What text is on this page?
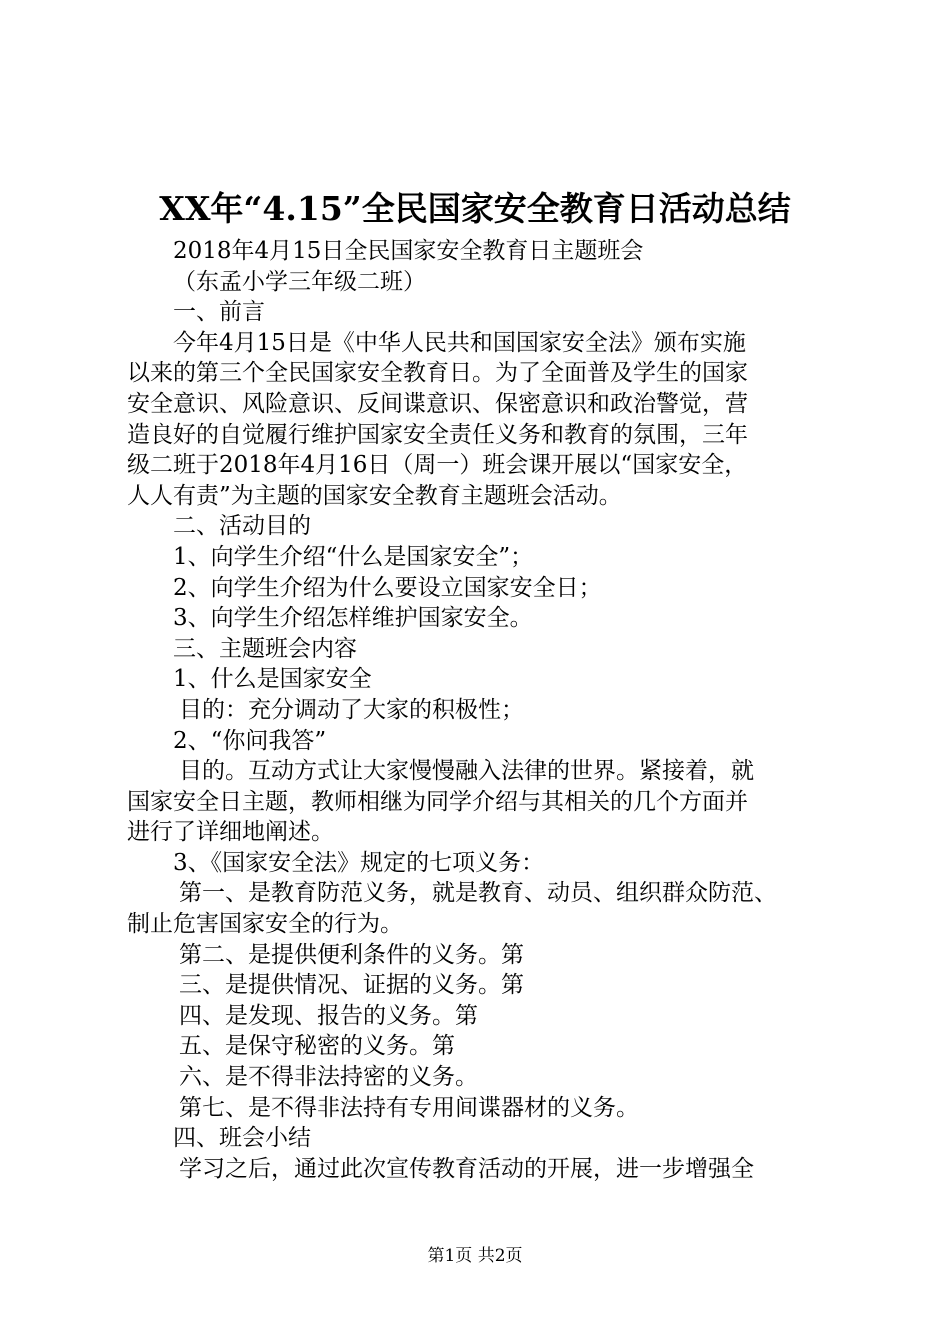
XX年“4.15”全民国家安全教育日活动总结
2018年4月15日全民国家安全教育日主题班会
（东孟小学三年级二班）
一、前言
今年4月15日是《中华人民共和国国家安全法》颁布实施
以来的第三个全民国家安全教育日。为了全面普及学生的国家
安全意识、风险意识、反间谍意识、保密意识和政治警觉，营
造良好的自觉履行维护国家安全责任义务和教育的氛围，三年
级二班于2018年4月16日（周一）班会课开展以“国家安全，
人人有责”为主题的国家安全教育主题班会活动。
二、活动目的
1、向学生介绍“什么是国家安全”；
2、向学生介绍为什么要设立国家安全日；
3、向学生介绍怎样维护国家安全。
三、主题班会内容
1、什么是国家安全
目的：充分调动了大家的积极性；
2、“你问我答”
目的。互动方式让大家慢慢融入法律的世界。紧接着，就
国家安全日主题，教师相继为同学介绍与其相关的几个方面并
进行了详细地阐述。
3、《国家安全法》规定的七项义务：
第一、是教育防范义务，就是教育、动员、组织群众防范、
制止危害国家安全的行为。
第二、是提供便利条件的义务。第
三、是提供情况、证据的义务。第
四、是发现、报告的义务。第
五、是保守秘密的义务。第
六、是不得非法持密的义务。
第七、是不得非法持有专用间谍器材的义务。
四、班会小结
学习之后，通过此次宣传教育活动的开展，进一步增强全
第1页 共2页
